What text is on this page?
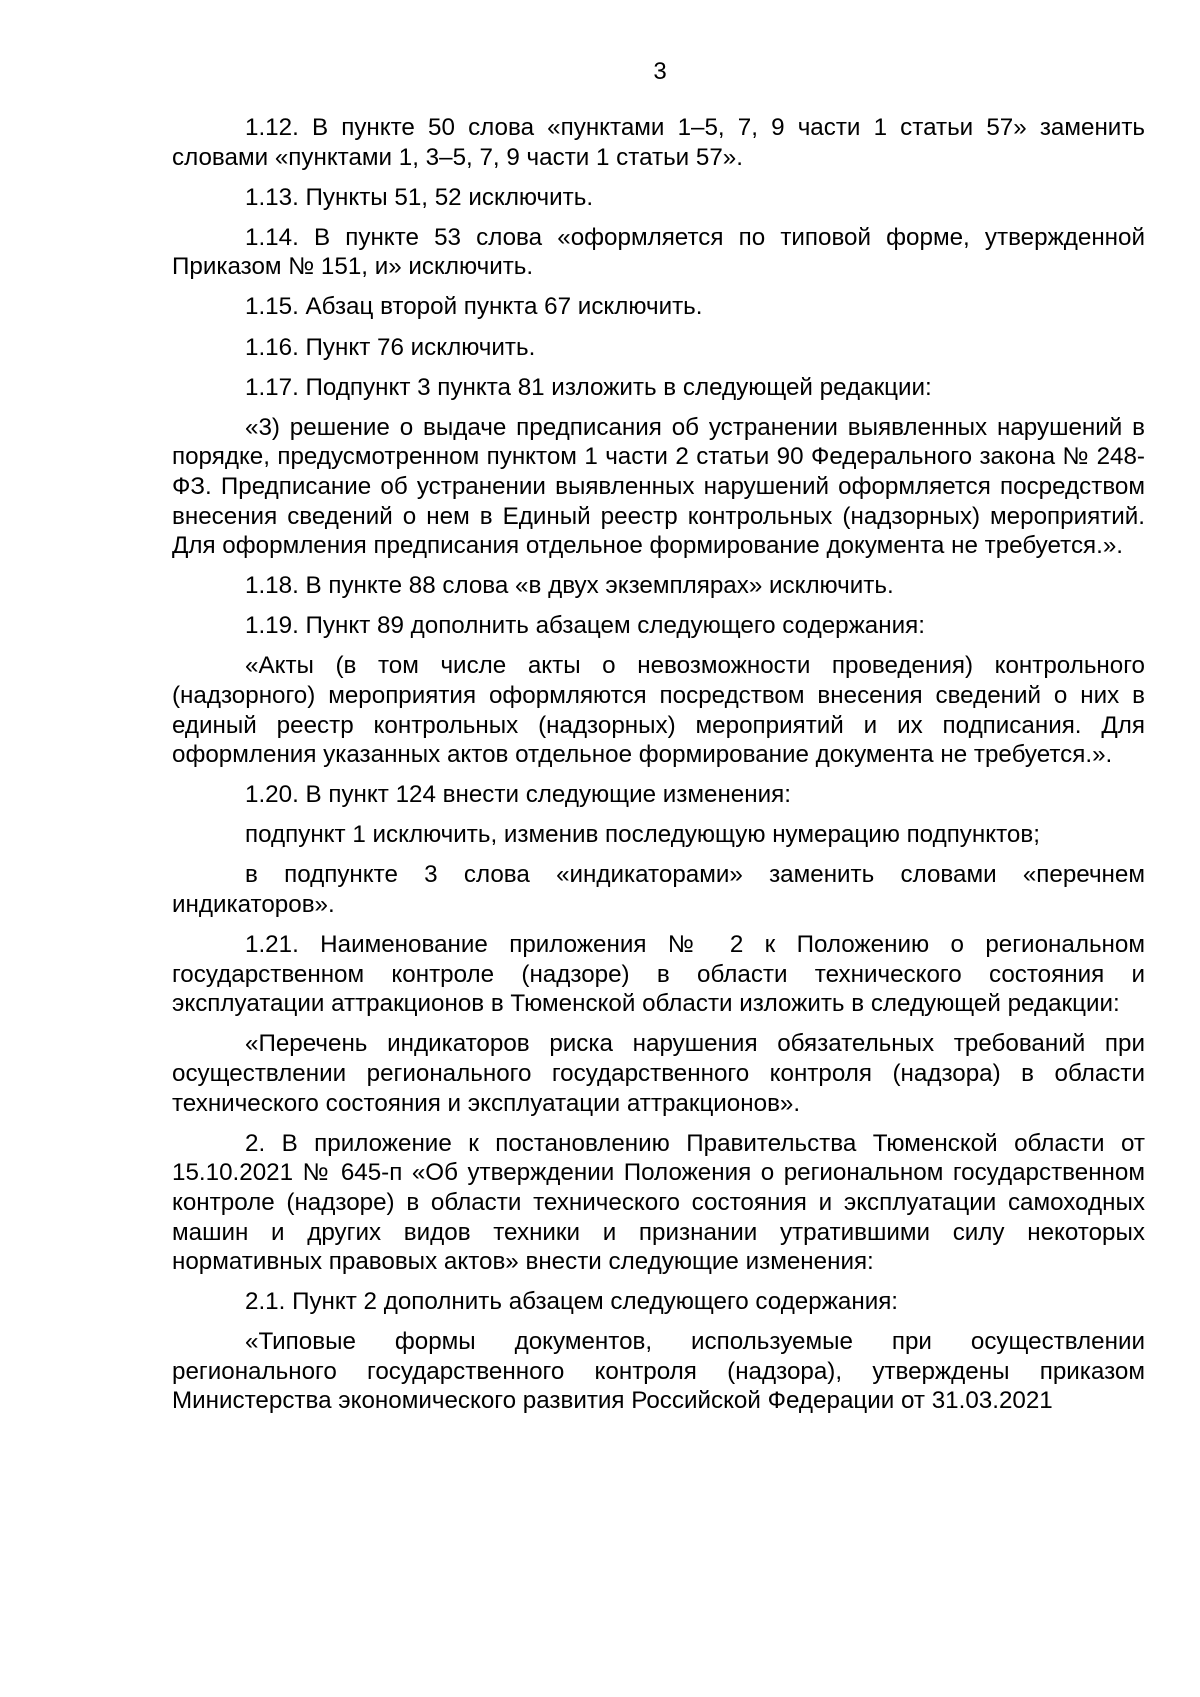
3

1.12. В пункте 50 слова «пунктами 1–5, 7, 9 части 1 статьи 57» заменить словами «пунктами 1, 3–5, 7, 9 части 1 статьи 57».

1.13. Пункты 51, 52 исключить.

1.14. В пункте 53 слова «оформляется по типовой форме, утвержденной Приказом № 151, и» исключить.

1.15. Абзац второй пункта 67 исключить.

1.16. Пункт 76 исключить.

1.17. Подпункт 3 пункта 81 изложить в следующей редакции:

«3) решение о выдаче предписания об устранении выявленных нарушений в порядке, предусмотренном пунктом 1 части 2 статьи 90 Федерального закона № 248-ФЗ. Предписание об устранении выявленных нарушений оформляется посредством внесения сведений о нем в Единый реестр контрольных (надзорных) мероприятий. Для оформления предписания отдельное формирование документа не требуется.».

1.18. В пункте 88 слова «в двух экземплярах» исключить.

1.19. Пункт 89 дополнить абзацем следующего содержания:

«Акты (в том числе акты о невозможности проведения) контрольного (надзорного) мероприятия оформляются посредством внесения сведений о них в единый реестр контрольных (надзорных) мероприятий и их подписания. Для оформления указанных актов отдельное формирование документа не требуется.».

1.20. В пункт 124 внести следующие изменения:

подпункт 1 исключить, изменив последующую нумерацию подпунктов;

в подпункте 3 слова «индикаторами» заменить словами «перечнем индикаторов».

1.21. Наименование приложения № 2 к Положению о региональном государственном контроле (надзоре) в области технического состояния и эксплуатации аттракционов в Тюменской области изложить в следующей редакции:

«Перечень индикаторов риска нарушения обязательных требований при осуществлении регионального государственного контроля (надзора) в области технического состояния и эксплуатации аттракционов».

2. В приложение к постановлению Правительства Тюменской области от 15.10.2021 № 645-п «Об утверждении Положения о региональном государственном контроле (надзоре) в области технического состояния и эксплуатации самоходных машин и других видов техники и признании утратившими силу некоторых нормативных правовых актов» внести следующие изменения:

2.1. Пункт 2 дополнить абзацем следующего содержания:

«Типовые формы документов, используемые при осуществлении регионального государственного контроля (надзора), утверждены приказом Министерства экономического развития Российской Федерации от 31.03.2021
